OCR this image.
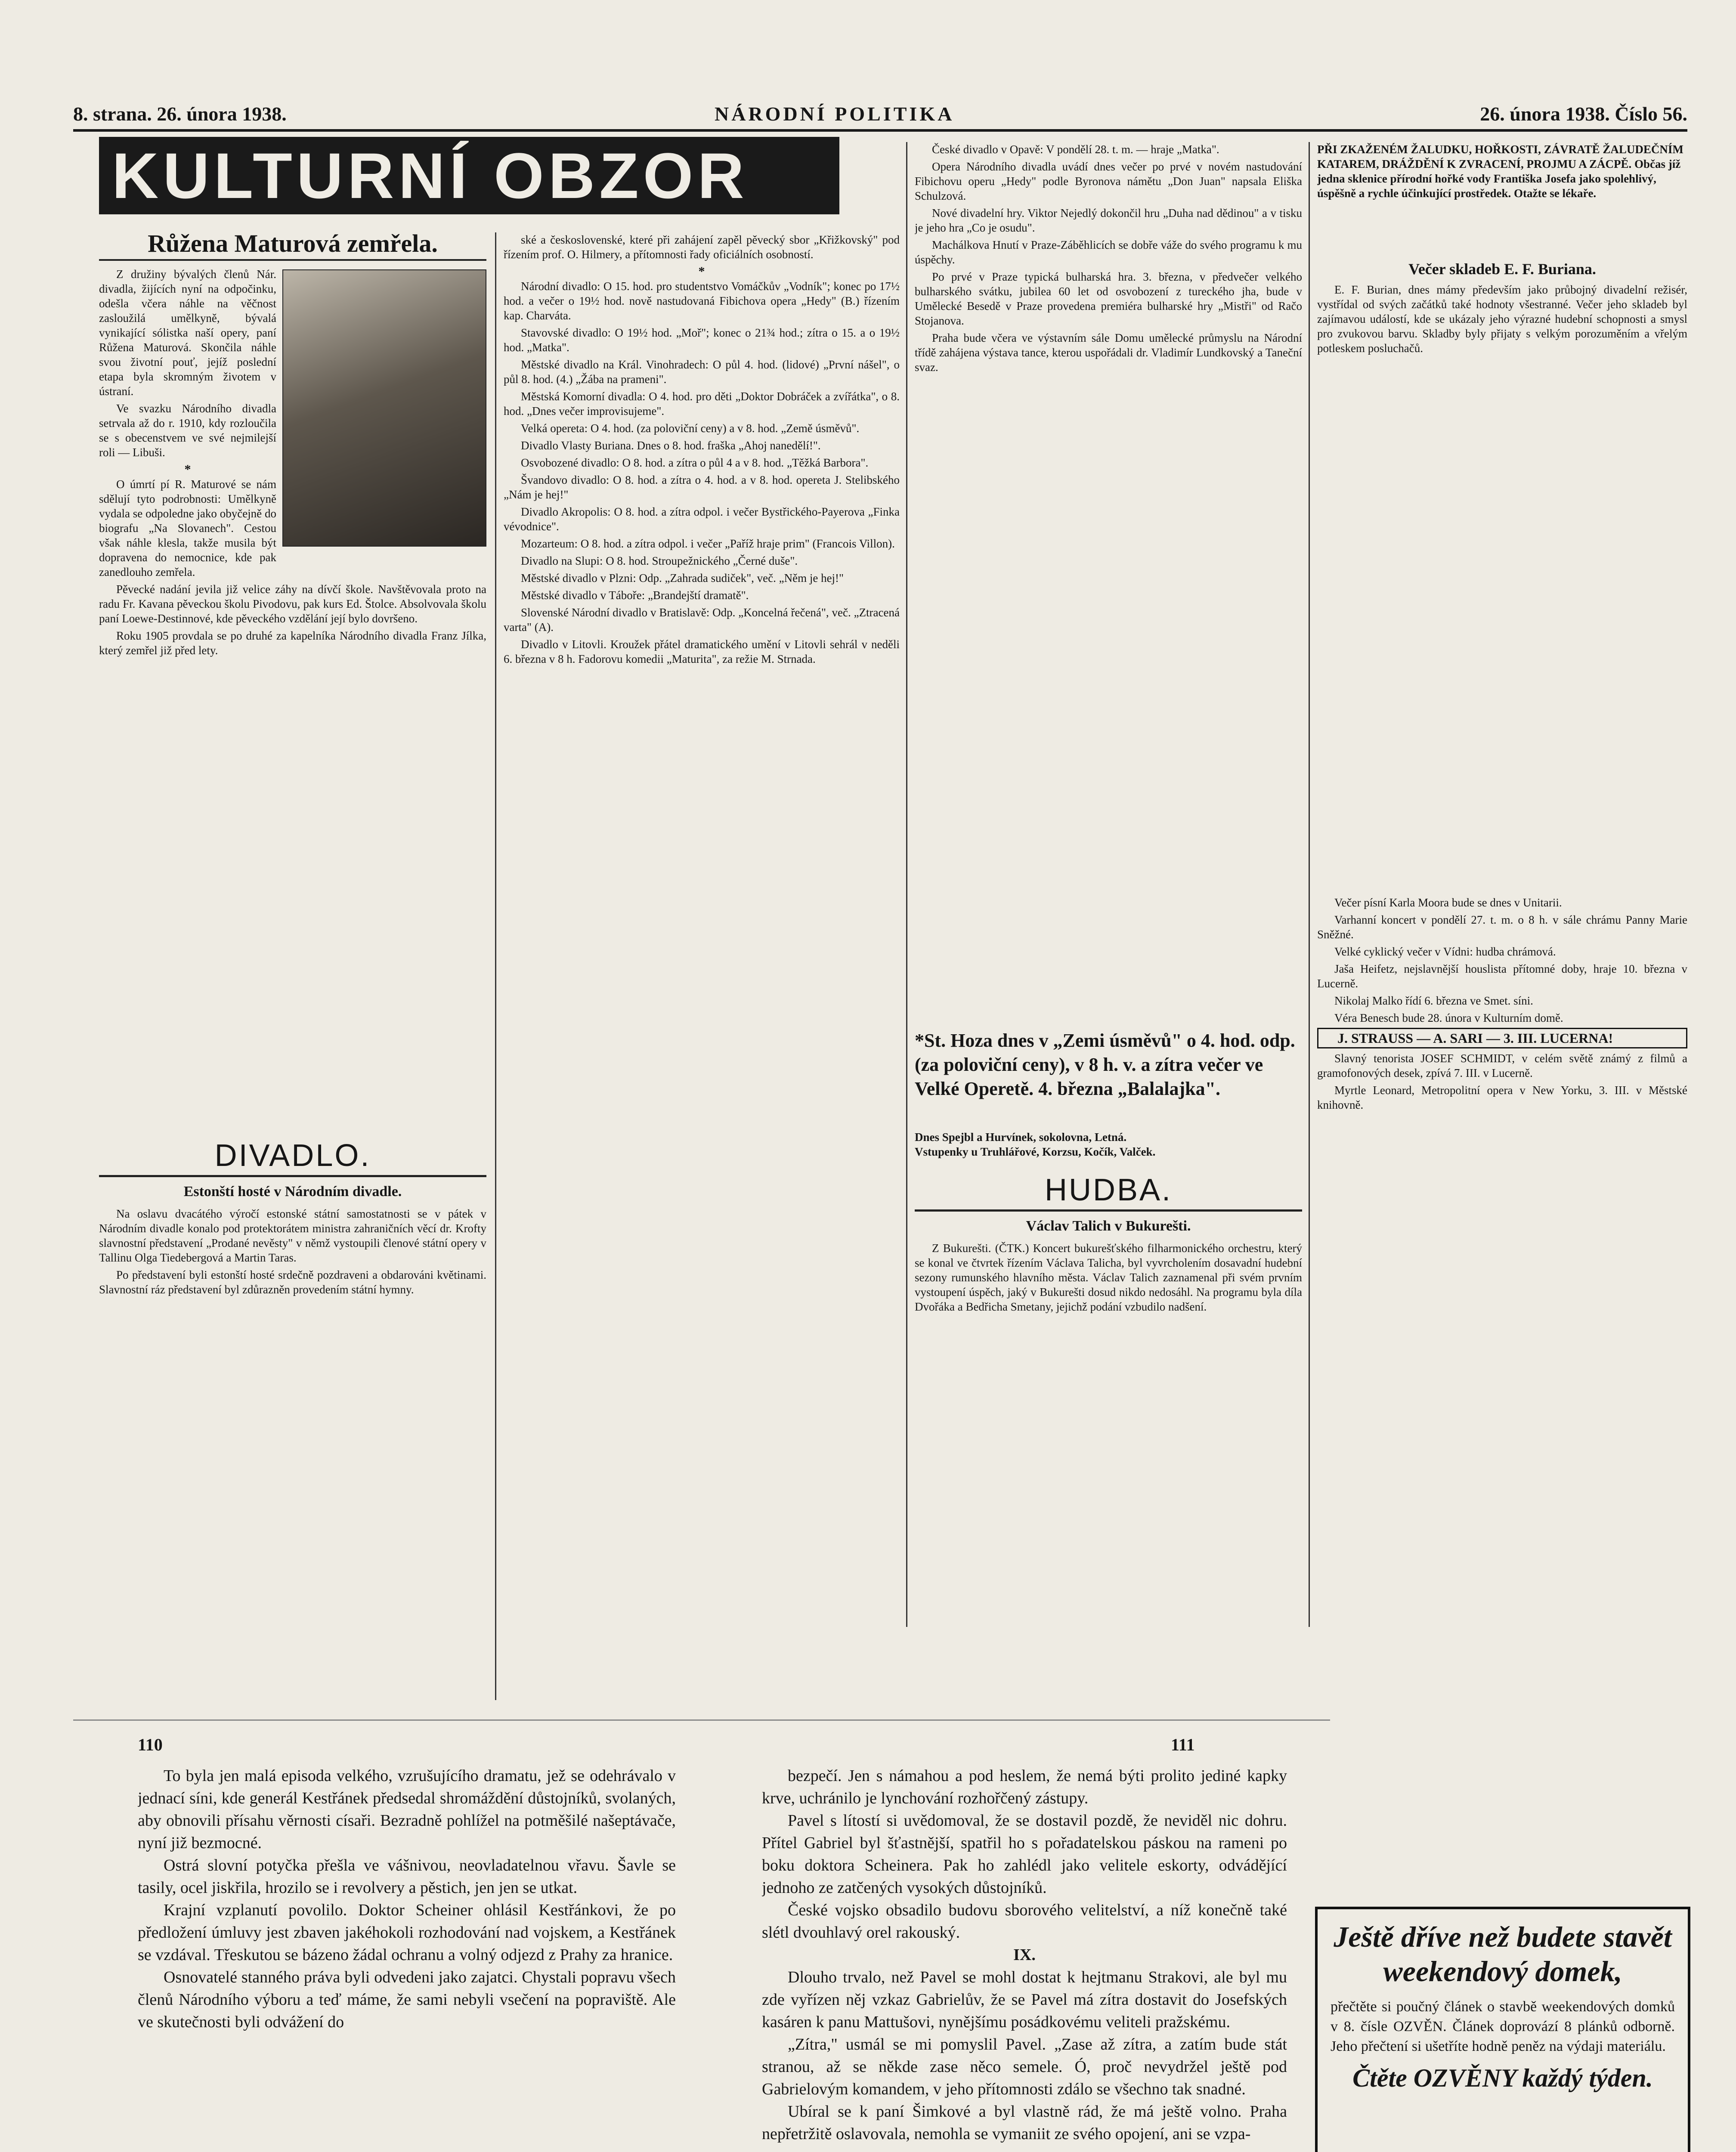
8. strana. 26. února 1938.	NÁRODNÍ POLITIKA	26. února 1938. Číslo 56.
KULTURNÍ OBZOR
Růžena Maturová zemřela.

Z družiny bývalých členů Nár. divadla, žijících nyní na odpočinku, odešla včera náhle na věčnost zasloužilá umělkyně, bývalá vynikající sólistka naší opery, paní Růžena Maturová. Skončila náhle svou životní pouť, jejíž poslední etapa byla skromným životem v ústraní.

Ve svazku Národního divadla setrvala až do r. 1910, kdy rozloučila se s obecenstvem ve své nejmilejší roli — Libuši.

*

O úmrtí pí R. Maturové se nám sdělují tyto podrobnosti: Umělkyně vydala se odpoledne jako obyčejně do biografu „Na Slovanech". Cestou však náhle klesla, takže musila být dopravena do nemocnice, kde pak zanedlouho zemřela.

Pěvecké nadání jevila již velice záhy na dívčí škole. Navštěvovala proto na radu Fr. Kavana pěveckou školu Pivodovu, pak kurs Ed. Štolce. Absolvovala školu paní Loewe-Destinnové, kde pěveckého vzdělání její bylo dovršeno.

Roku 1905 provdala se po druhé za kapelníka Národního divadla Franz Jílka, který zemřel již před lety.

DIVADLO.
Estonští hosté v Národním divadle.

Na oslavu dvacátého výročí estonské státní samostatnosti se v pátek v Národním divadle konalo pod protektorátem ministra zahraničních věcí dr. Krofty slavnostní představení „Prodané nevěsty" v němž vystoupili členové státní opery v Tallinu Olga Tiedebergová a Martin Taras.

Po představení byli estonští hosté srdečně pozdraveni a obdarováni květinami. Slavnostní ráz představení byl zdůrazněn provedením státní hymny.

ské a československé, které při zahájení zapěl pěvecký sbor „Křižkovský" pod řízením prof. O. Hilmery, a přítomnosti řady oficiálních osobností.

*

Národní divadlo: O 15. hod. pro studentstvo Vomáčkův „Vodník"; konec po 17½ hod. a večer o 19½ hod. nově nastudovaná Fibichova opera „Hedy" (B.) řízením kap. Charváta.

Stavovské divadlo: O 19½ hod. „Moř"; konec o 21¾ hod.; zítra o 15. a o 19½ hod. „Matka".

Městské divadlo na Král. Vinohradech: O půl 4. hod. (lidové) „První nášel", o půl 8. hod. (4.) „Žába na prameni".

Městská Komorní divadla: O 4. hod. pro děti „Doktor Dobráček a zvířátka", o 8. hod. „Dnes večer improvisujeme".

Velká opereta: O 4. hod. (za poloviční ceny) a v 8. hod. „Země úsměvů".

Divadlo Vlasty Buriana. Dnes o 8. hod. fraška „Ahoj nanedělí!".

Osvobozené divadlo: O 8. hod. a zítra o půl 4 a v 8. hod. „Těžká Barbora".

Švandovo divadlo: O 8. hod. a zítra o 4. hod. a v 8. hod. opereta J. Stelibského „Nám je hej!"

Divadlo Akropolis: O 8. hod. a zítra odpol. i večer Bystřického-Payerova „Finka vévodnice".

Mozarteum: O 8. hod. a zítra odpol. i večer „Paříž hraje prim" (Francois Villon).

Divadlo na Slupi: O 8. hod. Stroupežnického „Černé duše".

Městské divadlo v Plzni: Odp. „Zahrada sudiček", več. „Něm je hej!"

Městské divadlo v Táboře: „Brandejští dramatě".

Slovenské Národní divadlo v Bratislavě: Odp. „Koncelná řečená", več. „Ztracená varta" (A).

Divadlo v Litovli. Kroužek přátel dramatického umění v Litovli sehrál v neděli 6. března v 8 h. Fadorovu komedii „Maturita", za režie M. Strnada.

České divadlo v Opavě: V pondělí 28. t. m. — hraje „Matka".

Opera Národního divadla uvádí dnes večer po prvé v novém nastudování Fibichovu operu „Hedy" podle Byronova námětu „Don Juan" napsala Eliška Schulzová.

Nové divadelní hry. Viktor Nejedlý dokončil hru „Duha nad dědinou" a v tisku je jeho hra „Co je osudu".

Machálkova Hnutí v Praze-Záběhlicích se dobře váže do svého programu k mu úspěchy.

Po prvé v Praze typická bulharská hra. 3. března, v předvečer velkého bulharského svátku, jubilea 60 let od osvobození z tureckého jha, bude v Umělecké Besedě v Praze provedena premiéra bulharské hry „Mistři" od Račo Stojanova.

Praha bude včera ve výstavním sále Domu umělecké průmyslu na Národní třídě zahájena výstava tance, kterou uspořádali dr. Vladimír Lundkovský a Taneční svaz.

*St. Hoza dnes v „Zemi úsměvů" o 4. hod. odp. (za poloviční ceny), v 8 h. v. a zítra večer ve Velké Operetě. 4. března „Balalajka".
Dnes Spejbl a Hurvínek, sokolovna, Letná.
Vstupenky u Truhlářové, Korzsu, Kočík, Valček.
HUDBA.
Václav Talich v Bukurešti.

Z Bukurešti. (ČTK.) Koncert bukurešťského filharmonického orchestru, který se konal ve čtvrtek řízením Václava Talicha, byl vyvrcholením dosavadní hudební sezony rumunského hlavního města. Václav Talich zaznamenal při svém prvním vystoupení úspěch, jaký v Bukurešti dosud nikdo nedosáhl. Na programu byla díla Dvořáka a Bedřicha Smetany, jejichž podání vzbudilo nadšení.

PŘI ZKAŽENÉM ŽALUDKU, HOŘKOSTI, ZÁVRATĚ ŽALUDEČNÍM KATAREM, DRÁŽDĚNÍ K ZVRACENÍ, PROJMU A ZÁCPĚ. Občas jíž jedna sklenice přírodní hořké vody Františka Josefa jako spolehlivý, úspěšně a rychle účinkující prostředek. Otažte se lékaře.
Večer skladeb E. F. Buriana.

E. F. Burian, dnes mámy především jako průbojný divadelní režisér, vystřídal od svých začátků také hodnoty všestranné. Večer jeho skladeb byl zajímavou událostí, kde se ukázaly jeho výrazné hudební schopnosti a smysl pro zvukovou barvu. Skladby byly přijaty s velkým porozuměním a vřelým potleskem posluchačů.

Večer písní Karla Moora bude se dnes v Unitarii.

Varhanní koncert v pondělí 27. t. m. o 8 h. v sále chrámu Panny Marie Sněžné.

Velké cyklický večer v Vídni: hudba chrámová.

Jaša Heifetz, nejslavnější houslista přítomné doby, hraje 10. března v Lucerně.

Nikolaj Malko řídí 6. března ve Smet. síni.

Véra Benesch bude 28. února v Kulturním domě.

J. STRAUSS — A. SARI — 3. III. LUCERNA!

Slavný tenorista JOSEF SCHMIDT, v celém světě známý z filmů a gramofonových desek, zpívá 7. III. v Lucerně.

Myrtle Leonard, Metropolitní opera v New Yorku, 3. III. v Městské knihovně.

Ještě dříve než budete stavět weekendový domek,
přečtěte si poučný článek o stavbě weekendových domků v 8. čísle OZVĚN. Článek doprovází 8 plánků odborně. Jeho přečtení si ušetříte hodně peněz na výdaji materiálu.
Čtěte OZVĚNY každý týden.
110	111

To byla jen malá episoda velkého, vzrušujícího dramatu, jež se odehrávalo v jednací síni, kde generál Kestřánek předsedal shromáždění důstojníků, svolaných, aby obnovili přísahu věrnosti císaři. Bezradně pohlížel na potměšilé našeptávače, nyní již bezmocné.

Ostrá slovní potyčka přešla ve vášnivou, neovladatelnou vřavu. Šavle se tasily, ocel jiskřila, hrozilo se i revolvery a pěstich, jen jen se utkat.

Krajní vzplanutí povolilo. Doktor Scheiner ohlásil Kestřánkovi, že po předložení úmluvy jest zbaven jakéhokoli rozhodování nad vojskem, a Kestřánek se vzdával. Třeskutou se bázeno žádal ochranu a volný odjezd z Prahy za hranice.

Osnovatelé stanného práva byli odvedeni jako zajatci. Chystali popravu všech členů Národního výboru a teď máme, že sami nebyli vsečení na popraviště. Ale ve skutečnosti byli odvážení do

bezpečí. Jen s námahou a pod heslem, že nemá býti prolito jediné kapky krve, uchránilo je lynchování rozhořčený zástupy.

Pavel s lítostí si uvědomoval, že se dostavil pozdě, že neviděl nic dohru. Přítel Gabriel byl šťastnější, spatřil ho s pořadatelskou páskou na rameni po boku doktora Scheinera. Pak ho zahlédl jako velitele eskorty, odvádějící jednoho ze zatčených vysokých důstojníků.

České vojsko obsadilo budovu sborového velitelství, a níž konečně také slétl dvouhlavý orel rakouský.

IX.

Dlouho trvalo, než Pavel se mohl dostat k hejtmanu Strakovi, ale byl mu zde vyřízen něj vzkaz Gabrielův, že se Pavel má zítra dostavit do Josefských kasáren k panu Mattušovi, nynějšímu posádkovému veliteli pražskému.

„Zítra," usmál se mi pomyslil Pavel. „Zase až zítra, a zatím bude stát stranou, až se někde zase něco semele. Ó, proč nevydržel ještě pod Gabrielovým komandem, v jeho přítomnosti zdálo se všechno tak snadné.

Ubíral se k paní Šimkové a byl vlastně rád, že má ještě volno. Praha nepřetržitě oslavovala, nemohla se vymaniit ze svého opojení, ani se vzpa-
